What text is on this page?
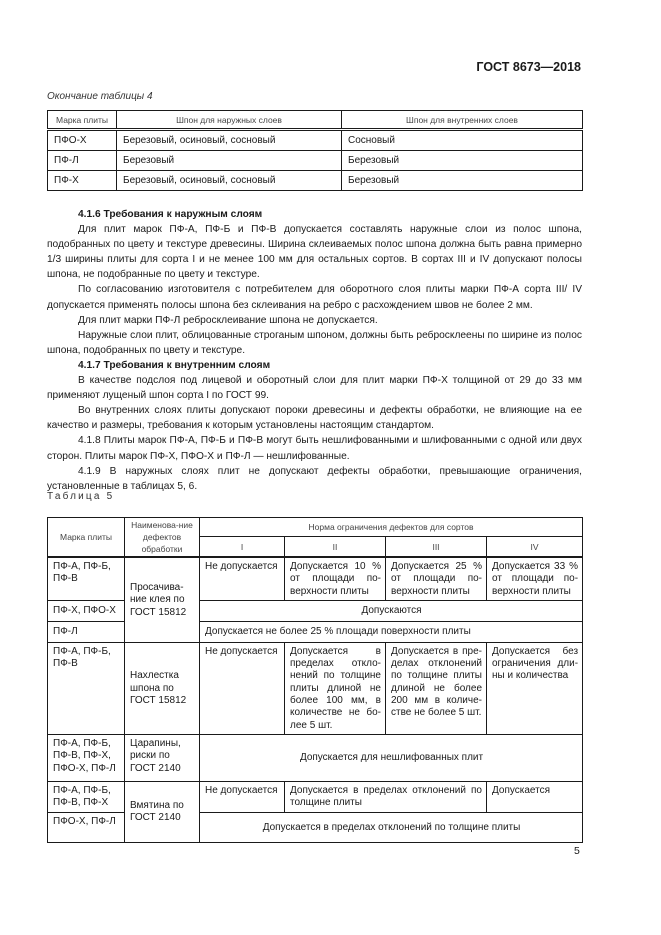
ГОСТ 8673—2018
Окончание таблицы 4
Марка плиты	Шпон для наружных слоев	Шпон для внутренних слоев
ПФО-Х	Березовый, осиновый, сосновый	Сосновый
ПФ-Л	Березовый	Березовый
ПФ-Х	Березовый, осиновый, сосновый	Березовый

4.1.6 Требования к наружным слоям

Для плит марок ПФ-А, ПФ-Б и ПФ-В допускается составлять наружные слои из полос шпона, подобранных по цвету и текстуре древесины. Ширина склеиваемых полос шпона должна быть равна примерно 1/3 ширины плиты для сорта I и не менее 100 мм для остальных сортов. В сортах III и IV допускают полосы шпона, не подобранные по цвету и текстуре.

По согласованию изготовителя с потребителем для оборотного слоя плиты марки ПФ-А сорта III/ IV допускается применять полосы шпона без склеивания на ребро с расхождением швов не более 2 мм.

Для плит марки ПФ-Л ребросклеивание шпона не допускается.

Наружные слои плит, облицованные строганым шпоном, должны быть ребросклеены по ширине из полос шпона, подобранных по цвету и текстуре.

4.1.7 Требования к внутренним слоям

В качестве подслоя под лицевой и оборотный слои для плит марки ПФ-Х толщиной от 29 до 33 мм применяют лущеный шпон сорта I по ГОСТ 99.

Во внутренних слоях плиты допускают пороки древесины и дефекты обработки, не влияющие на ее качество и размеры, требования к которым установлены настоящим стандартом.

4.1.8 Плиты марок ПФ-А, ПФ-Б и ПФ-В могут быть нешлифованными и шлифованными с одной или двух сторон. Плиты марок ПФ-Х, ПФО-Х и ПФ-Л — нешлифованные.

4.1.9 В наружных слоях плит не допускают дефекты обработки, превышающие ограничения, установленные в таблицах 5, 6.

Таблица 5
Марка плиты	Наименова-ние дефектов обработки	Норма ограничения дефектов для сортов			
		I	II	III	IV
ПФ-А, ПФ-Б, ПФ-В	Просачива-ние клея по ГОСТ 15812	Не допускается	Допускается 10 % от площади по-верхности плиты	Допускается 25 % от площади по-верхности плиты	Допускается 33 % от площади по-верхности плиты
ПФ-Х, ПФО-Х		Допускаются			
ПФ-Л		Допускается не более 25 % площади поверхности плиты			
ПФ-А, ПФ-Б, ПФ-В	Нахлестка шпона по ГОСТ 15812	Не допускается	Допускается в пределах откло-нений по толщине плиты длиной не более 100 мм, в количестве не бо-лее 5 шт.	Допускается в пре-делах отклонений по толщине плиты длиной не более 200 мм в количе-стве не более 5 шт.	Допускается без ограничения дли-ны и количества
ПФ-А, ПФ-Б, ПФ-В, ПФ-Х, ПФО-Х, ПФ-Л	Царапины, риски по ГОСТ 2140	Допускается для нешлифованных плит			
ПФ-А, ПФ-Б, ПФ-В, ПФ-Х	Вмятина по ГОСТ 2140	Не допускается	Допускается в пределах отклонений по толщине плиты		Допускается
ПФО-Х, ПФ-Л		Допускается в пределах отклонений по толщине плиты			
5
